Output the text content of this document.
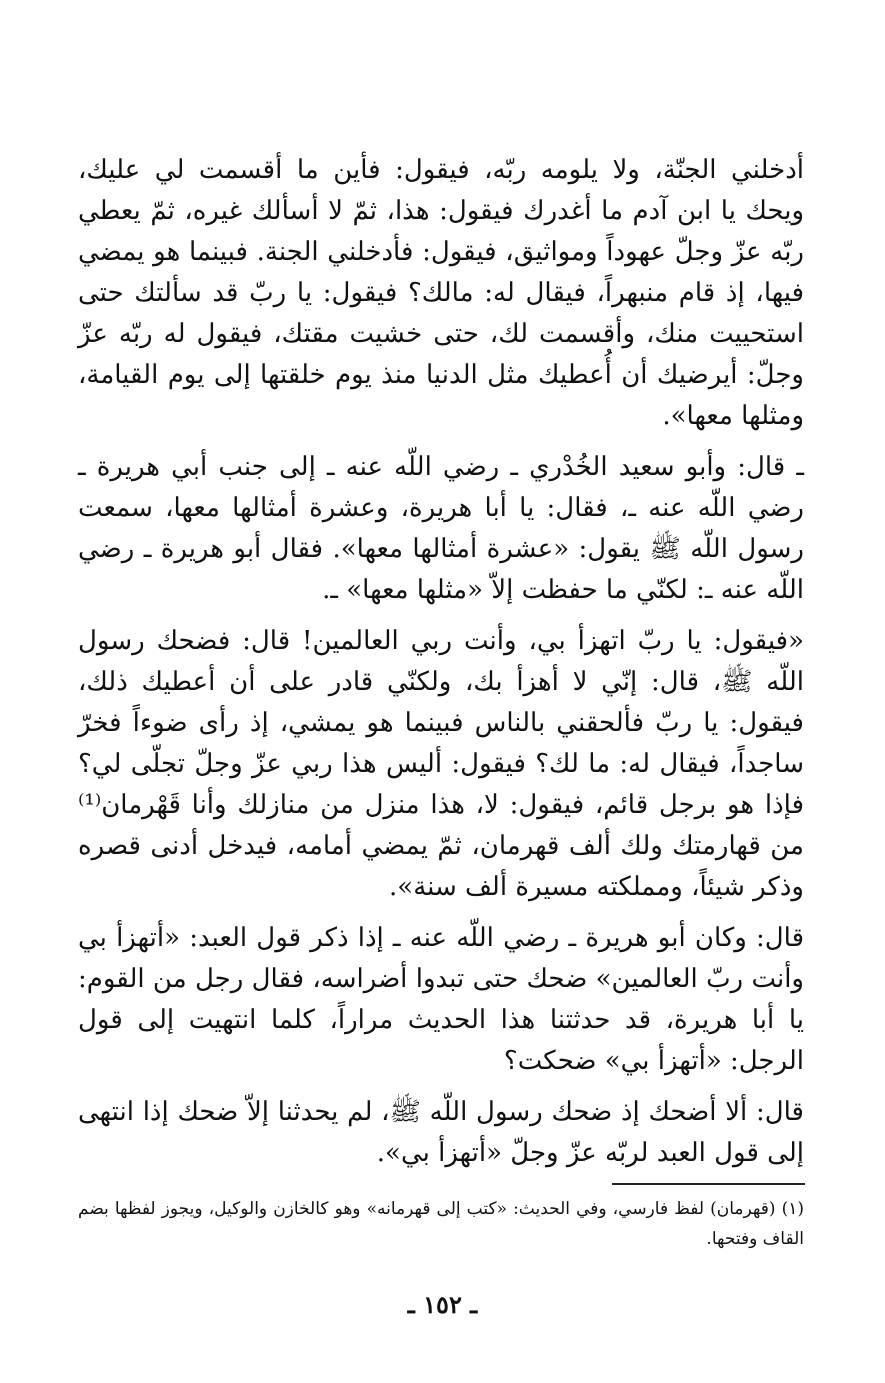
أدخلني الجنّة، ولا يلومه ربّه، فيقول: فأين ما أقسمت لي عليك، ويحك يا ابن آدم ما أغدرك فيقول: هذا، ثمّ لا أسألك غيره، ثمّ يعطي ربّه عزّ وجلّ عهوداً ومواثيق، فيقول: فأدخلني الجنة. فبينما هو يمضي فيها، إذ قام منبهراً، فيقال له: مالك؟ فيقول: يا ربّ قد سألتك حتى استحييت منك، وأقسمت لك، حتى خشيت مقتك، فيقول له ربّه عزّ وجلّ: أيرضيك أن أُعطيك مثل الدنيا منذ يوم خلقتها إلى يوم القيامة، ومثلها معها».

ـ قال: وأبو سعيد الخُدْري ـ رضي اللّه عنه ـ إلى جنب أبي هريرة ـ رضي اللّه عنه ـ، فقال: يا أبا هريرة، وعشرة أمثالها معها، سمعت رسول اللّه ﷺ يقول: «عشرة أمثالها معها». فقال أبو هريرة ـ رضي اللّه عنه ـ: لكنّي ما حفظت إلاّ «مثلها معها» ـ.

«فيقول: يا ربّ اتهزأ بي، وأنت ربي العالمين! قال: فضحك رسول اللّه ﷺ، قال: إنّي لا أهزأ بك، ولكنّي قادر على أن أعطيك ذلك، فيقول: يا ربّ فألحقني بالناس فبينما هو يمشي، إذ رأى ضوءاً فخرّ ساجداً، فيقال له: ما لك؟ فيقول: أليس هذا ربي عزّ وجلّ تجلّى لي؟ فإذا هو برجل قائم، فيقول: لا، هذا منزل من منازلك وأنا قَهْرمان⁽¹⁾ من قهارمتك ولك ألف قهرمان، ثمّ يمضي أمامه، فيدخل أدنى قصره وذكر شيئاً، ومملكته مسيرة ألف سنة».

قال: وكان أبو هريرة ـ رضي اللّه عنه ـ إذا ذكر قول العبد: «أتهزأ بي وأنت ربّ العالمين» ضحك حتى تبدوا أضراسه، فقال رجل من القوم: يا أبا هريرة، قد حدثتنا هذا الحديث مراراً، كلما انتهيت إلى قول الرجل: «أتهزأ بي» ضحكت؟

قال: ألا أضحك إذ ضحك رسول اللّه ﷺ، لم يحدثنا إلاّ ضحك إذا انتهى إلى قول العبد لربّه عزّ وجلّ «أتهزأ بي».

(١) (قهرمان) لفظ فارسي، وفي الحديث: «كتب إلى قهرمانه» وهو كالخازن والوكيل، ويجوز لفظها بضم القاف وفتحها.

ـ ١٥٢ ـ
